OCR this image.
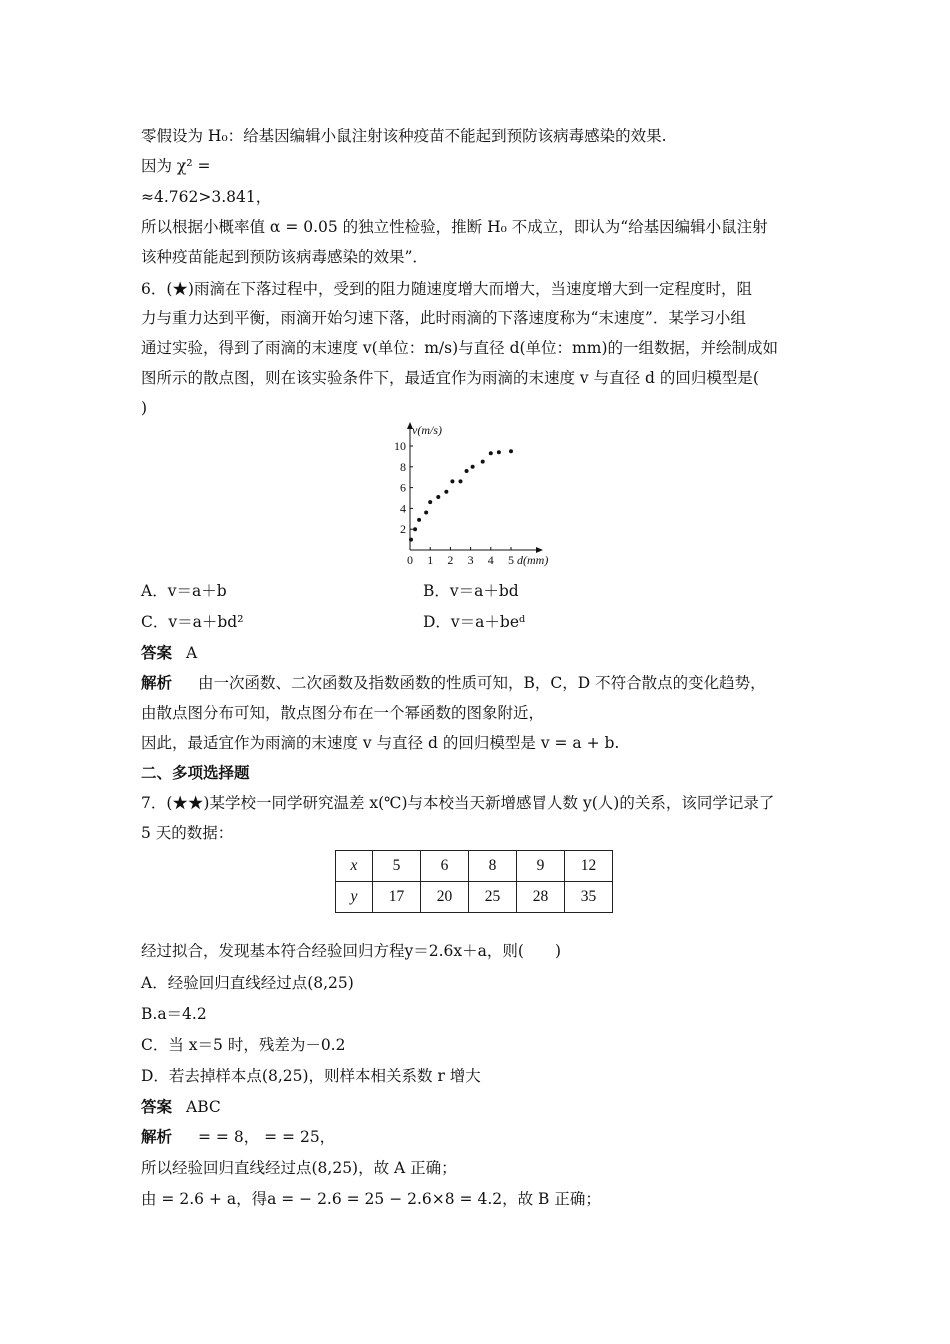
零假设为 H₀：给基因编辑小鼠注射该种疫苗不能起到预防该病毒感染的效果.
因为 χ² =
≈4.762>3.841，
所以根据小概率值 α = 0.05 的独立性检验，推断 H₀ 不成立，即认为“给基因编辑小鼠注射
该种疫苗能起到预防该病毒感染的效果”．
6．(★)雨滴在下落过程中，受到的阻力随速度增大而增大，当速度增大到一定程度时，阻
力与重力达到平衡，雨滴开始匀速下落，此时雨滴的下落速度称为“末速度”．某学习小组
通过实验，得到了雨滴的末速度 v(单位：m/s)与直径 d(单位：mm)的一组数据，并绘制成如
图所示的散点图，则在该实验条件下，最适宜作为雨滴的末速度 v 与直径 d 的回归模型是(
)
0 1 2 3 4 5
2
4
6
8
10
d(mm)
v(m/s)
A．v＝a＋b	B．v＝a＋bd
C．v＝a＋bd²	D．v＝a＋beᵈ
答案 A
解析 由一次函数、二次函数及指数函数的性质可知，B，C，D 不符合散点的变化趋势，
由散点图分布可知，散点图分布在一个幂函数的图象附近，
因此，最适宜作为雨滴的末速度 v 与直径 d 的回归模型是 v = a + b.
二、多项选择题
7．(★★)某学校一同学研究温差 x(℃)与本校当天新增感冒人数 y(人)的关系，该同学记录了
5 天的数据：
x	5	6	8	9	12
y	17	20	25	28	35
经过拟合，发现基本符合经验回归方程y＝2.6x＋a，则(　　)
A．经验回归直线经过点(8,25)
B.a＝4.2
C．当 x＝5 时，残差为－0.2
D．若去掉样本点(8,25)，则样本相关系数 r 增大
答案 ABC
解析 = = 8， = = 25，
所以经验回归直线经过点(8,25)，故 A 正确；
由 = 2.6 + a，得a = − 2.6 = 25 − 2.6×8 = 4.2，故 B 正确；
